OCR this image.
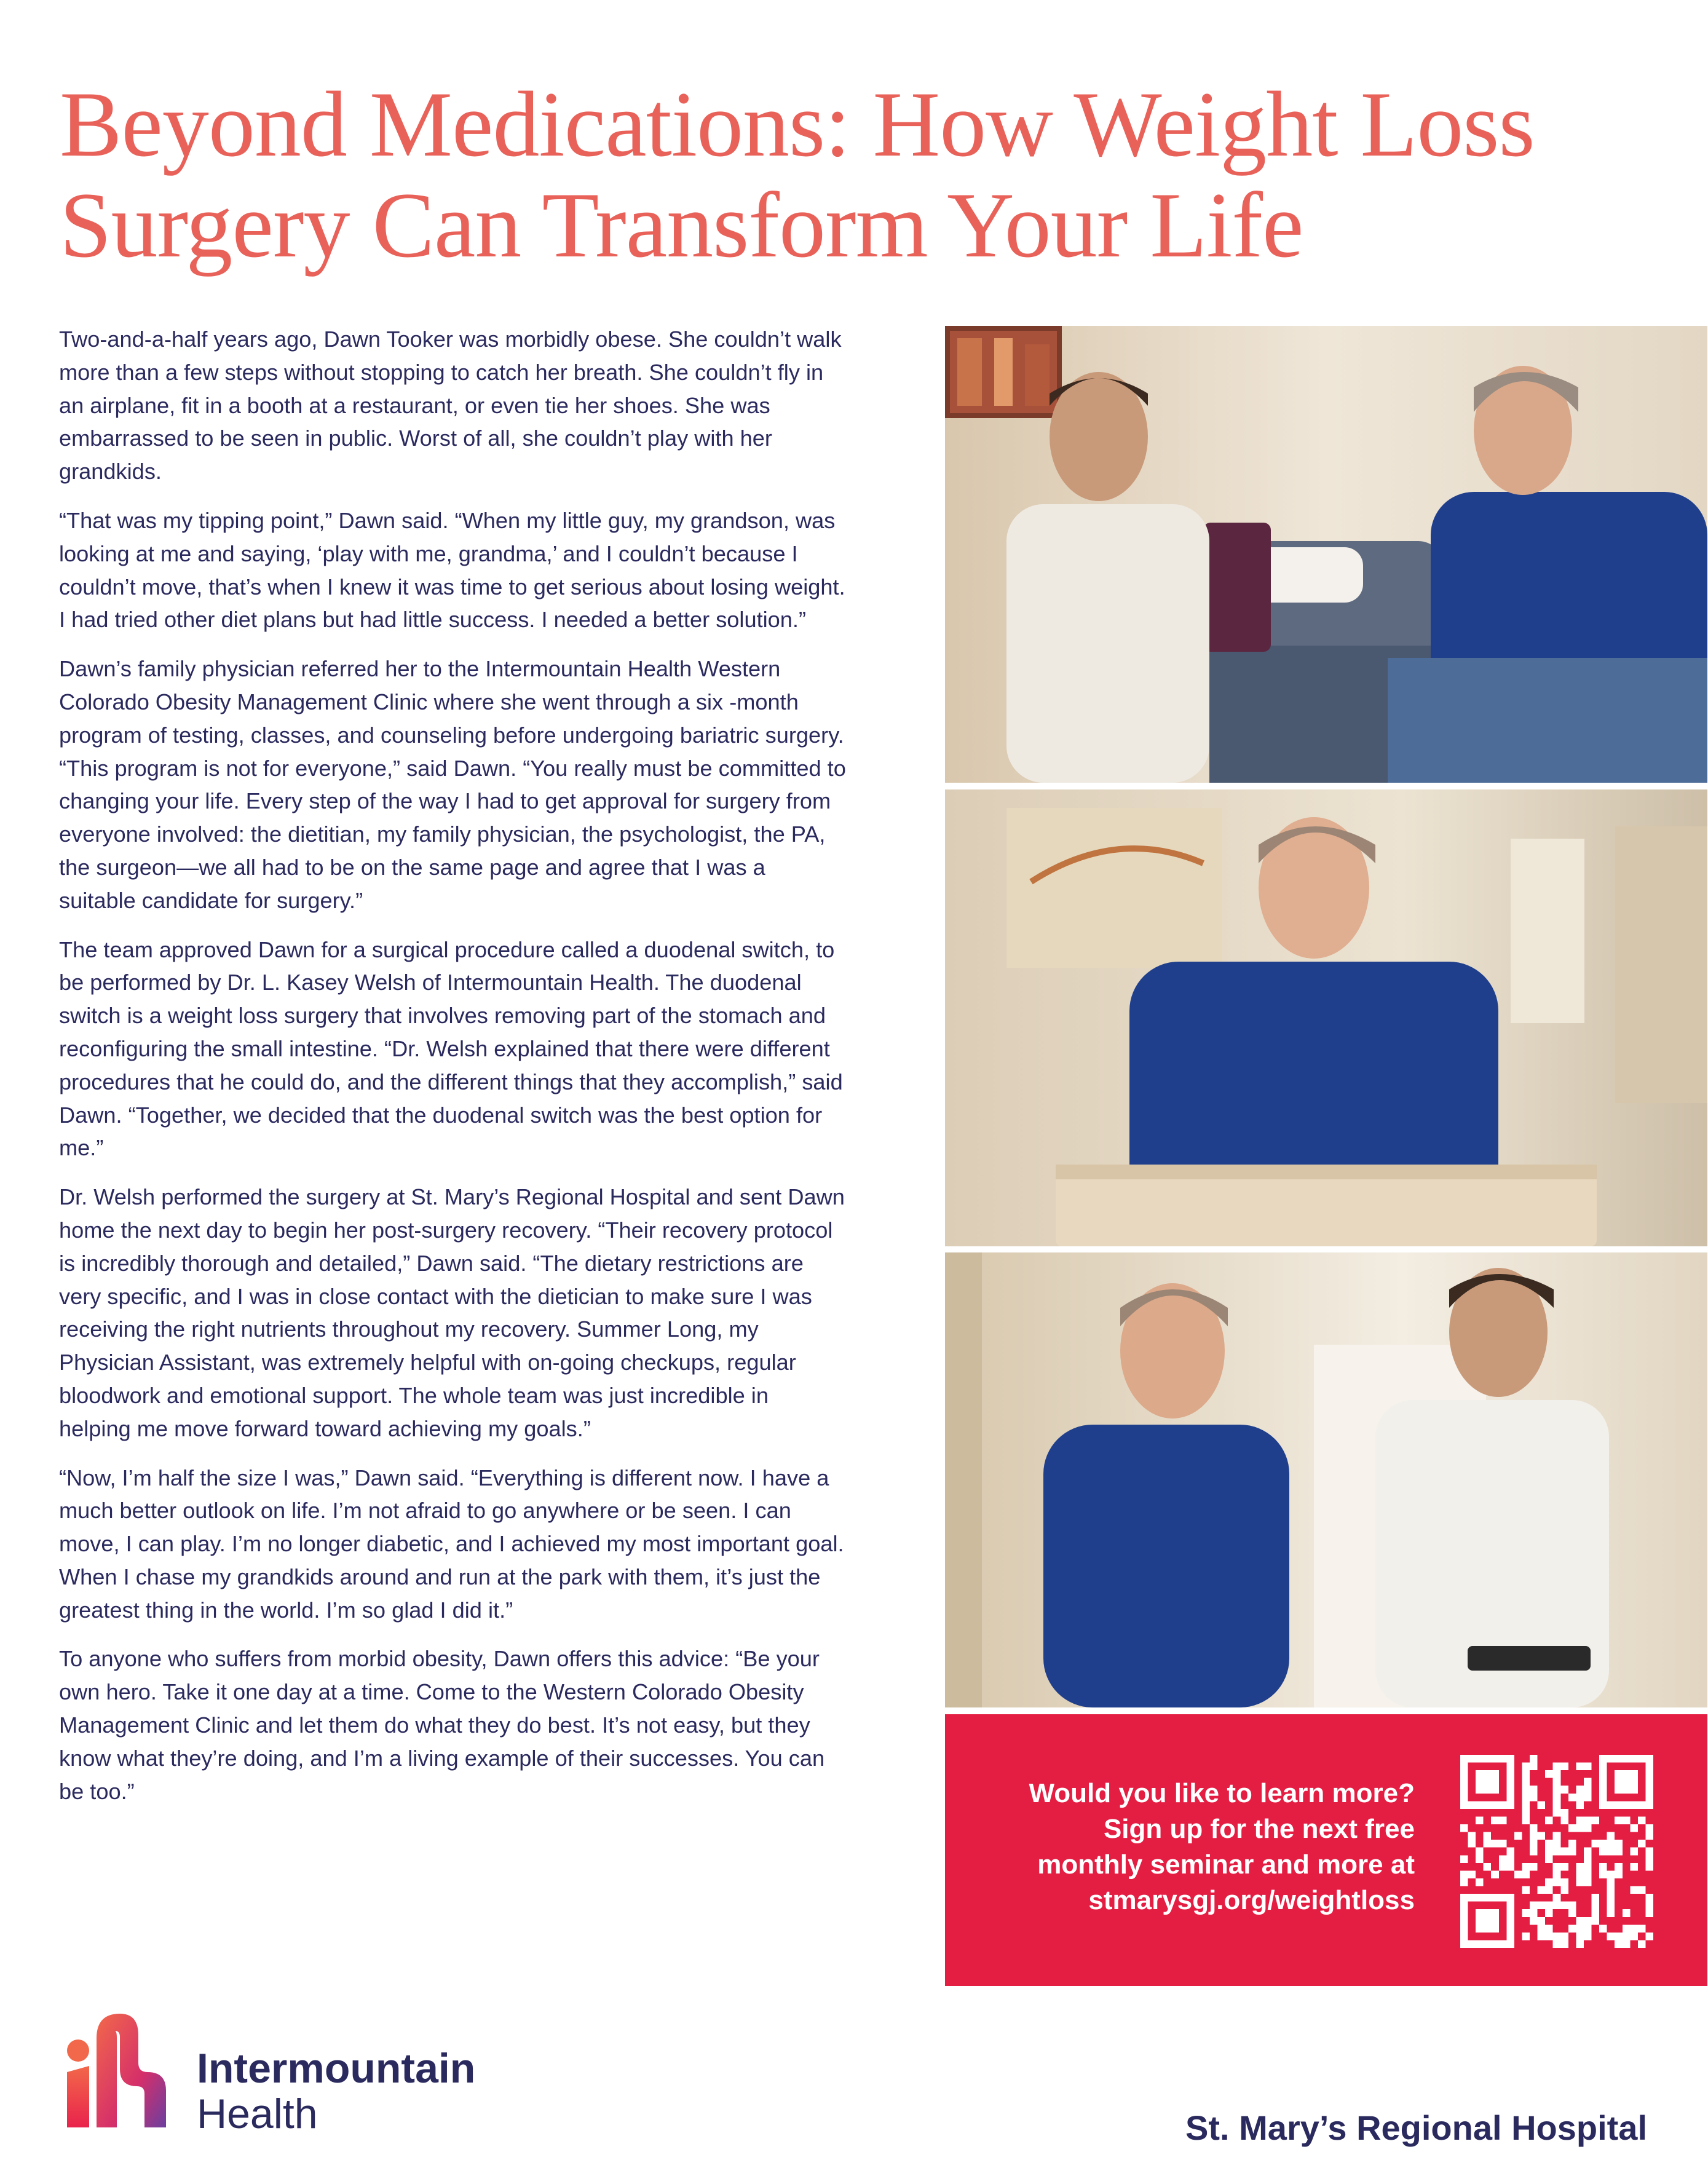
Beyond Medications: How Weight Loss
Surgery Can Transform Your Life

Two-and-a-half years ago, Dawn Tooker was morbidly obese. She couldn’t walk more than a few steps without stopping to catch her breath. She couldn’t fly in an airplane, fit in a booth at a restaurant, or even tie her shoes. She was embarrassed to be seen in public. Worst of all, she couldn’t play with her grandkids.

“That was my tipping point,” Dawn said. “When my little guy, my grandson, was looking at me and saying, ‘play with me, grandma,’ and I couldn’t because I couldn’t move, that’s when I knew it was time to get serious about losing weight. I had tried other diet plans but had little success. I needed a better solution.”

Dawn’s family physician referred her to the Intermountain Health Western Colorado Obesity Management Clinic where she went through a six -month program of testing, classes, and counseling before undergoing bariatric surgery. “This program is not for everyone,” said Dawn. “You really must be committed to changing your life. Every step of the way I had to get approval for surgery from everyone involved: the dietitian, my family physician, the psychologist, the PA, the surgeon—we all had to be on the same page and agree that I was a suitable candidate for surgery.”

The team approved Dawn for a surgical procedure called a duodenal switch, to be performed by Dr. L. Kasey Welsh of Intermountain Health. The duodenal switch is a weight loss surgery that involves removing part of the stomach and reconfiguring the small intestine. “Dr. Welsh explained that there were different procedures that he could do, and the different things that they accomplish,” said Dawn. “Together, we decided that the duodenal switch was the best option for me.”

Dr. Welsh performed the surgery at St. Mary’s Regional Hospital and sent Dawn home the next day to begin her post-surgery recovery. “Their recovery protocol is incredibly thorough and detailed,” Dawn said. “The dietary restrictions are very specific, and I was in close contact with the dietician to make sure I was receiving the right nutrients throughout my recovery. Summer Long, my Physician Assistant, was extremely helpful with on-going checkups, regular bloodwork and emotional support. The whole team was just incredible in helping me move forward toward achieving my goals.”

“Now, I’m half the size I was,” Dawn said. “Everything is different now. I have a much better outlook on life. I’m not afraid to go anywhere or be seen. I can move, I can play. I’m no longer diabetic, and I achieved my most important goal. When I chase my grandkids around and run at the park with them, it’s just the greatest thing in the world. I’m so glad I did it.”

To anyone who suffers from morbid obesity, Dawn offers this advice: “Be your own hero. Take it one day at a time. Come to the Western Colorado Obesity Management Clinic and let them do what they do best. It’s not easy, but they know what they’re doing, and I’m a living example of their successes. You can be too.”	Would you like to learn more?
Sign up for the next free
monthly seminar and more at
stmarysgj.org/weightloss
Intermountain
Health	St. Mary’s Regional Hospital
